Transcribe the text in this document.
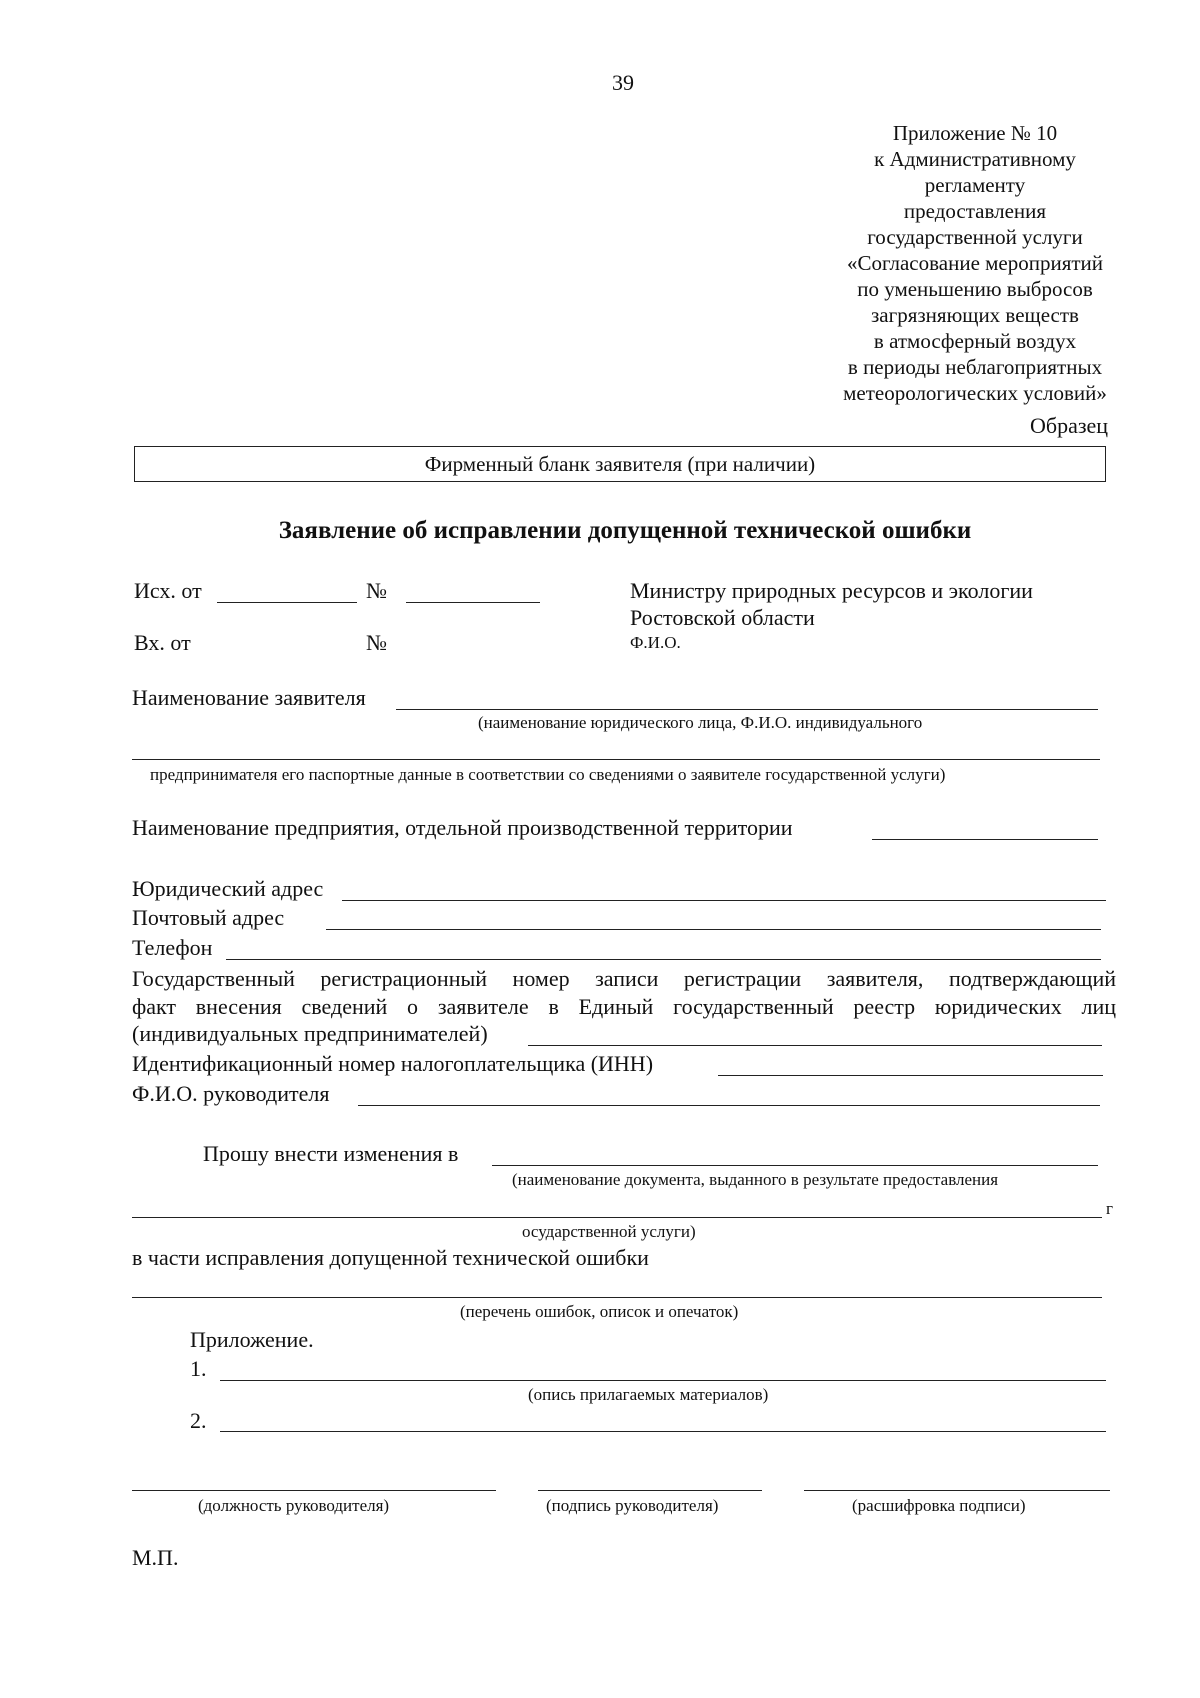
39
Приложение № 10
к Административному
регламенту
предоставления
государственной услуги
«Согласование мероприятий
по уменьшению выбросов
загрязняющих веществ
в атмосферный воздух
в периоды неблагоприятных
метеорологических условий»
Образец
Фирменный бланк заявителя (при наличии)
Заявление об исправлении допущенной технической ошибки
Исх. от	№
Вх. от	№
Министру природных ресурсов и экологии
Ростовской области
Ф.И.О.
Наименование заявителя
(наименование юридического лица, Ф.И.О. индивидуального
предпринимателя его паспортные данные в соответствии со сведениями о заявителе государственной услуги)
Наименование предприятия, отдельной производственной территории
Юридический адрес
Почтовый адрес
Телефон
Государственный регистрационный номер записи регистрации заявителя, подтверждающий
факт внесения сведений о заявителе в Единый государственный реестр юридических лиц
(индивидуальных предпринимателей)
Идентификационный номер налогоплательщика (ИНН)
Ф.И.О. руководителя
Прошу внести изменения в
(наименование документа, выданного в результате предоставления
г
осударственной услуги)
в части исправления допущенной технической ошибки
(перечень ошибок, описок и опечаток)
Приложение.
1.
(опись прилагаемых материалов)
2.
(должность руководителя)	(подпись руководителя)	(расшифровка подписи)
М.П.
